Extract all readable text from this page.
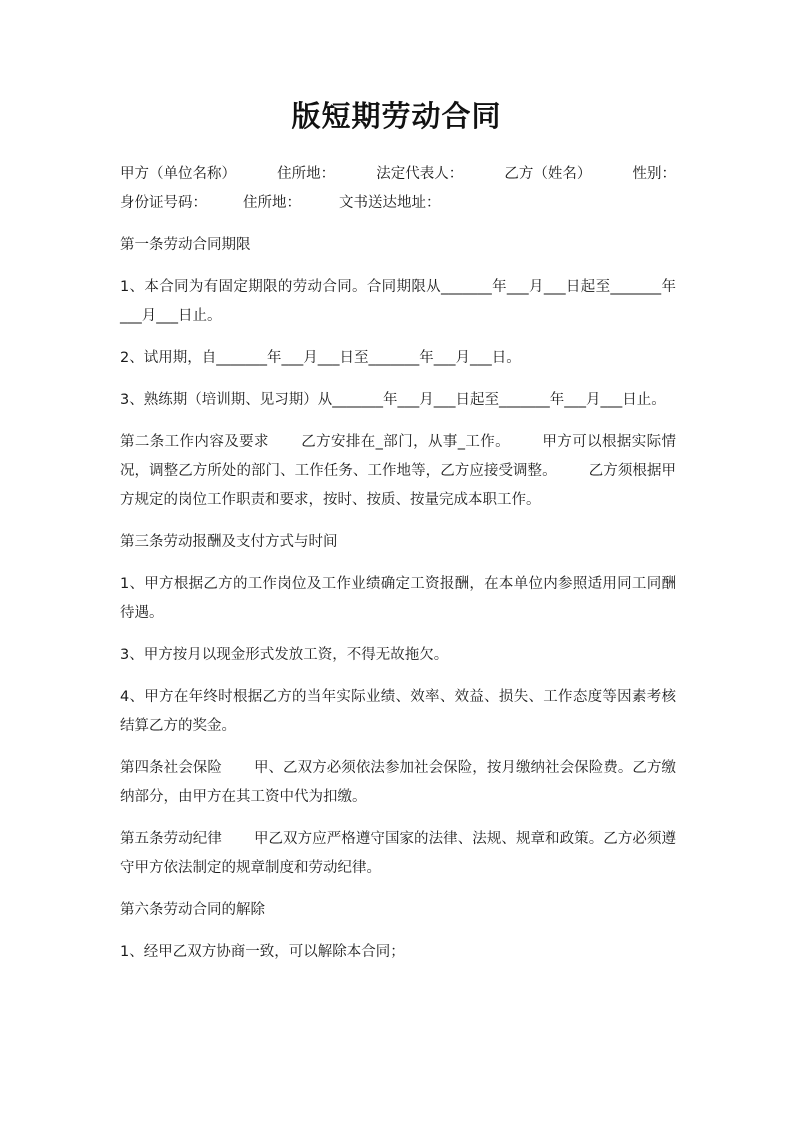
版短期劳动合同
甲方（单位名称）	住所地：	法定代表人：	乙方（姓名）	性别：
身份证号码： 住所地：	文书送达地址：
第一条劳动合同期限
1、本合同为有固定期限的劳动合同。合同期限从_______年___月___日起至_______年___月___日止。
2、试用期，自_______年___月___日至_______年___月___日。
3、熟练期（培训期、见习期）从_______年___月___日起至_______年___月___日止。
第二条工作内容及要求 乙方安排在_部门，从事_工作。 甲方可以根据实际情况，调整乙方所处的部门、工作任务、工作地等，乙方应接受调整。 乙方须根据甲方规定的岗位工作职责和要求，按时、按质、按量完成本职工作。
第三条劳动报酬及支付方式与时间
1、甲方根据乙方的工作岗位及工作业绩确定工资报酬，在本单位内参照适用同工同酬待遇。
3、甲方按月以现金形式发放工资，不得无故拖欠。
4、甲方在年终时根据乙方的当年实际业绩、效率、效益、损失、工作态度等因素考核结算乙方的奖金。
第四条社会保险 甲、乙双方必须依法参加社会保险，按月缴纳社会保险费。乙方缴纳部分，由甲方在其工资中代为扣缴。
第五条劳动纪律 甲乙双方应严格遵守国家的法律、法规、规章和政策。乙方必须遵守甲方依法制定的规章制度和劳动纪律。
第六条劳动合同的解除
1、经甲乙双方协商一致，可以解除本合同；
